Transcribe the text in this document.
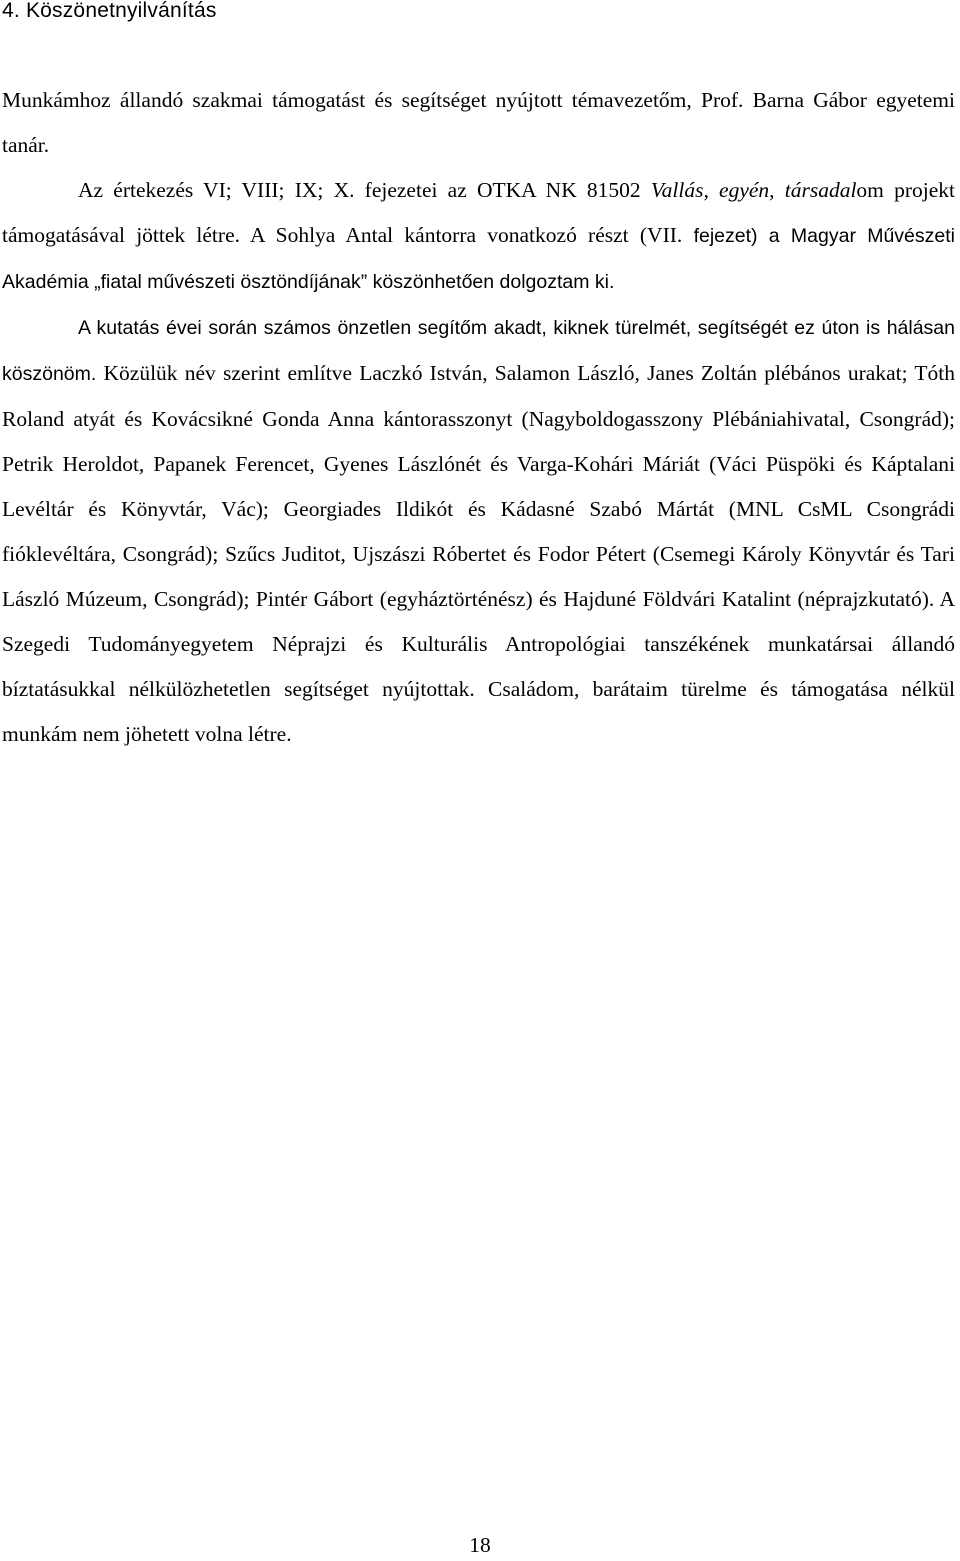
4. Köszönetnyilvánítás

Munkámhoz állandó szakmai támogatást és segítséget nyújtott témavezetőm, Prof. Barna Gábor egyetemi tanár.

Az értekezés VI; VIII; IX; X. fejezetei az OTKA NK 81502 Vallás, egyén, társadalom projekt támogatásával jöttek létre. A Sohlya Antal kántorra vonatkozó részt (VII. fejezet) a Magyar Művészeti Akadémia „fiatal művészeti ösztöndíjának” köszönhetően dolgoztam ki.

A kutatás évei során számos önzetlen segítőm akadt, kiknek türelmét, segítségét ez úton is hálásan köszönöm. Közülük név szerint említve Laczkó István, Salamon László, Janes Zoltán plébános urakat; Tóth Roland atyát és Kovácsikné Gonda Anna kántorasszonyt (Nagyboldogasszony Plébániahivatal, Csongrád); Petrik Heroldot, Papanek Ferencet, Gyenes Lászlónét és Varga-Kohári Máriát (Váci Püspöki és Káptalani Levéltár és Könyvtár, Vác); Georgiades Ildikót és Kádasné Szabó Mártát (MNL CsML Csongrádi fióklevéltára, Csongrád); Szűcs Juditot, Ujszászi Róbertet és Fodor Pétert (Csemegi Károly Könyvtár és Tari László Múzeum, Csongrád); Pintér Gábort (egyháztörténész) és Hajduné Földvári Katalint (néprajzkutató). A Szegedi Tudományegyetem Néprajzi és Kulturális Antropológiai tanszékének munkatársai állandó bíztatásukkal nélkülözhetetlen segítséget nyújtottak. Családom, barátaim türelme és támogatása nélkül munkám nem jöhetett volna létre.

18
